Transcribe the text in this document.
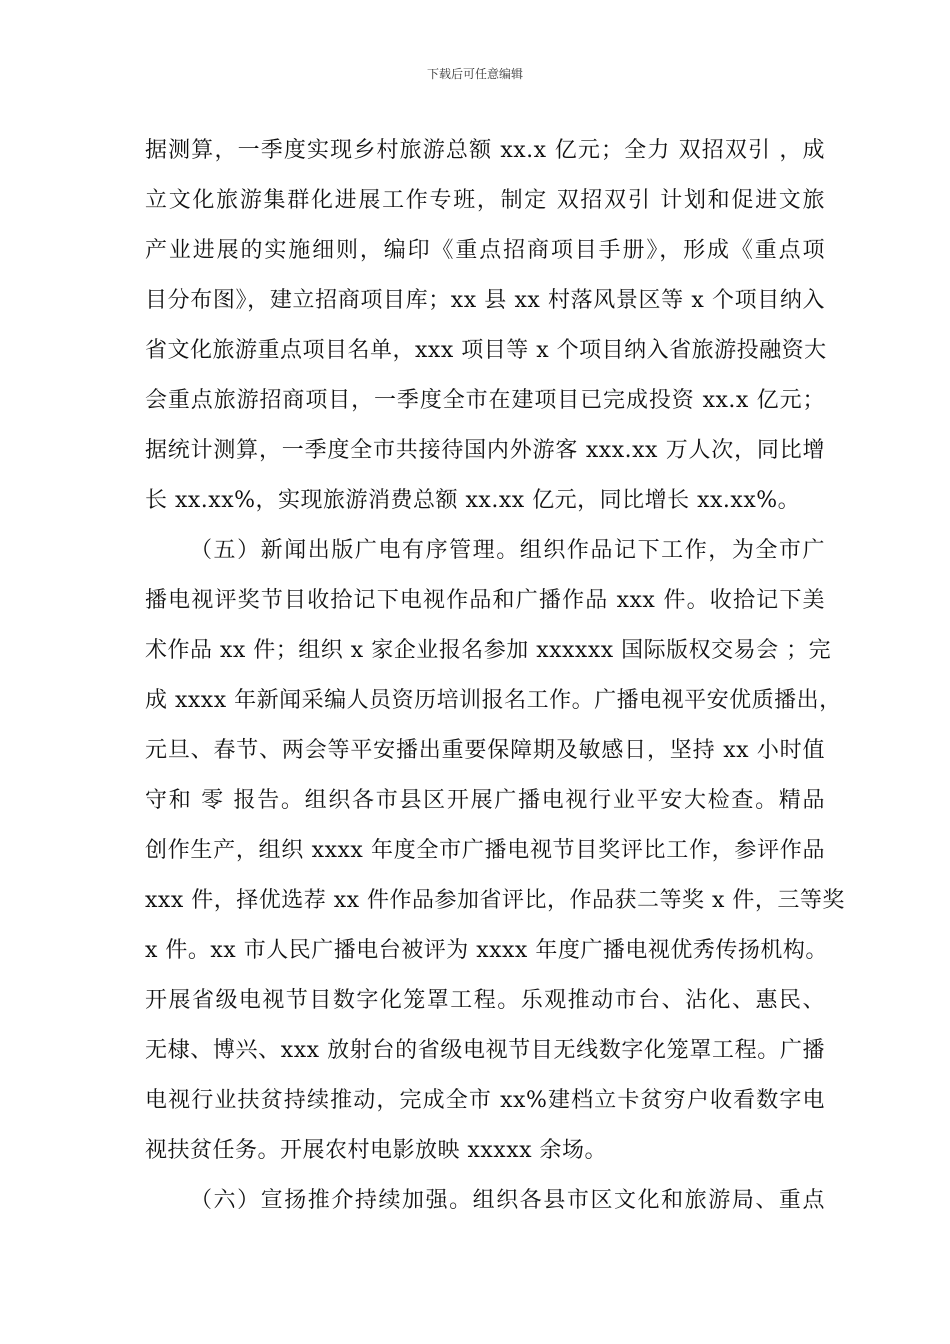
下载后可任意编辑
据测算，一季度实现乡村旅游总额 xx.x 亿元；全力 双招双引 ，成
立文化旅游集群化进展工作专班，制定 双招双引 计划和促进文旅
产业进展的实施细则，编印《重点招商项目手册》，形成《重点项
目分布图》，建立招商项目库；xx 县 xx 村落风景区等 x 个项目纳入
省文化旅游重点项目名单，xxx 项目等 x 个项目纳入省旅游投融资大
会重点旅游招商项目，一季度全市在建项目已完成投资 xx.x 亿元；
据统计测算，一季度全市共接待国内外游客 xxx.xx 万人次，同比增
长 xx.xx%，实现旅游消费总额 xx.xx 亿元，同比增长 xx.xx%。
（五）新闻出版广电有序管理。组织作品记下工作，为全市广
播电视评奖节目收拾记下电视作品和广播作品 xxx 件。收拾记下美
术作品 xx 件；组织 x 家企业报名参加 xxxxxx 国际版权交易会 ；完
成 xxxx 年新闻采编人员资历培训报名工作。广播电视平安优质播出，
元旦、春节、两会等平安播出重要保障期及敏感日，坚持 xx 小时值
守和 零 报告。组织各市县区开展广播电视行业平安大检查。精品
创作生产，组织 xxxx 年度全市广播电视节目奖评比工作，参评作品
xxx 件，择优选荐 xx 件作品参加省评比，作品获二等奖 x 件，三等奖
x 件。xx 市人民广播电台被评为 xxxx 年度广播电视优秀传扬机构。
开展省级电视节目数字化笼罩工程。乐观推动市台、沾化、惠民、
无棣、博兴、xxx 放射台的省级电视节目无线数字化笼罩工程。广播
电视行业扶贫持续推动，完成全市 xx%建档立卡贫穷户收看数字电
视扶贫任务。开展农村电影放映 xxxxx 余场。
（六）宣扬推介持续加强。组织各县市区文化和旅游局、重点
